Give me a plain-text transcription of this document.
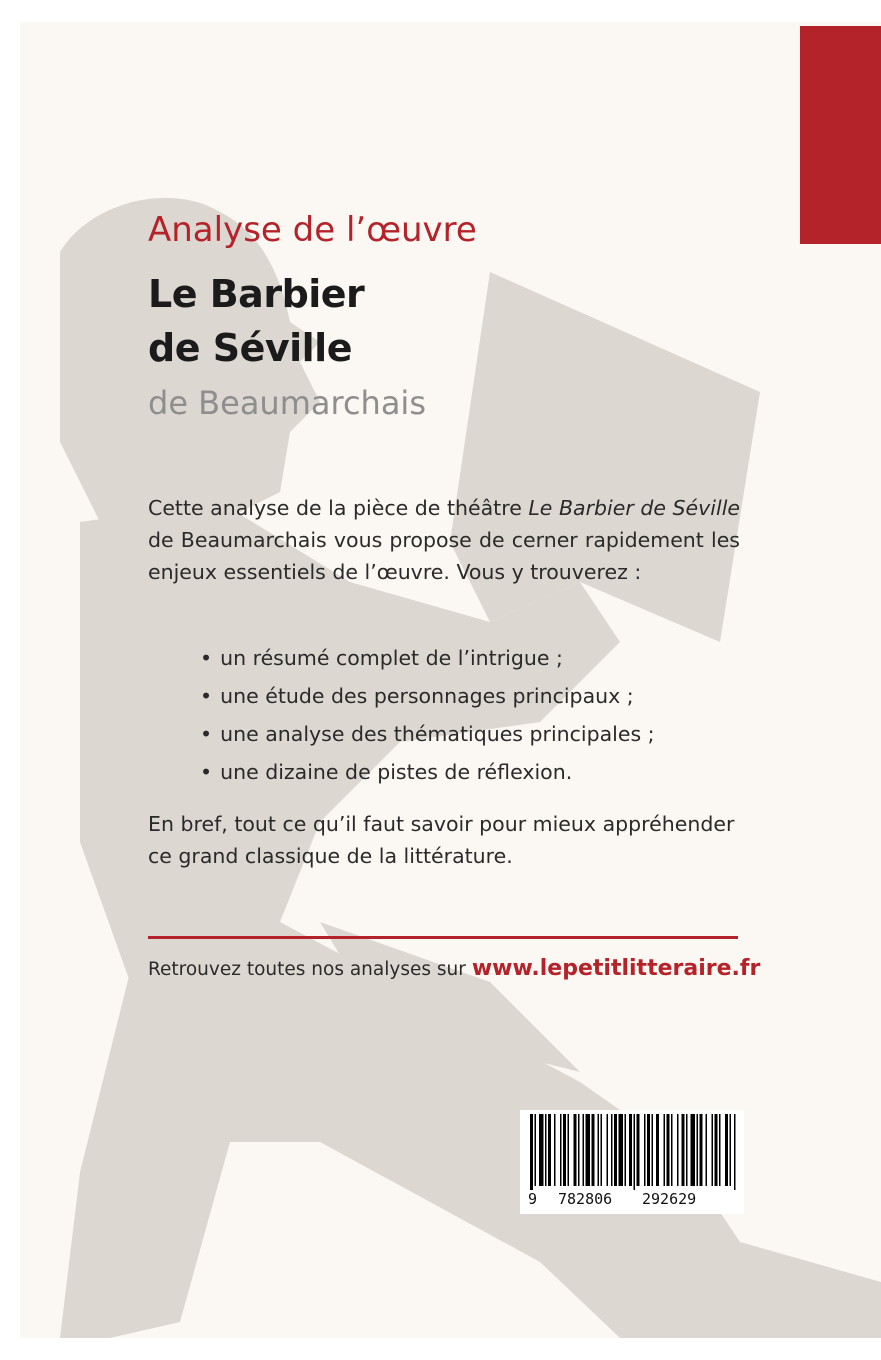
Analyse de l’œuvre
Le Barbier
de Séville
de Beaumarchais

Cette analyse de la pièce de théâtre Le Barbier de Séville de Beaumarchais vous propose de cerner rapidement les enjeux essentiels de l’œuvre. Vous y trouverez :

• un résumé complet de l’intrigue ;
• une étude des personnages principaux ;
• une analyse des thématiques principales ;
• une dizaine de pistes de réflexion.

En bref, tout ce qu’il faut savoir pour mieux appréhender ce grand classique de la littérature.

Retrouvez toutes nos analyses sur www.lepetitlitteraire.fr
9 782806 292629
